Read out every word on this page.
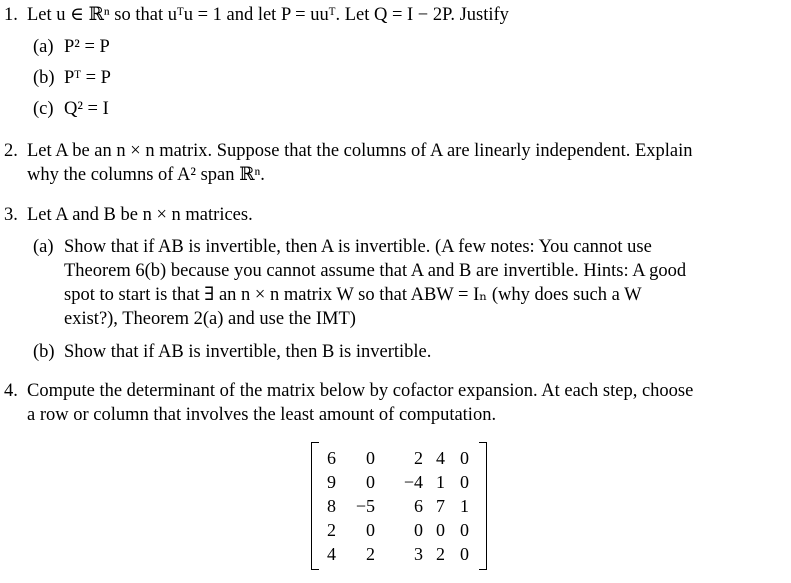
1. Let u ∈ ℝⁿ so that uᵀu = 1 and let P = uuᵀ. Let Q = I − 2P. Justify
(a) P² = P
(b) Pᵀ = P
(c) Q² = I
2. Let A be an n × n matrix. Suppose that the columns of A are linearly independent. Explain
why the columns of A² span ℝⁿ.
3. Let A and B be n × n matrices.
(a) Show that if AB is invertible, then A is invertible. (A few notes: You cannot use
Theorem 6(b) because you cannot assume that A and B are invertible. Hints: A good
spot to start is that ∃ an n × n matrix W so that ABW = Iₙ (why does such a W
exist?), Theorem 2(a) and use the IMT)
(b) Show that if AB is invertible, then B is invertible.
4. Compute the determinant of the matrix below by cofactor expansion. At each step, choose
a row or column that involves the least amount of computation.
6	0	2 4 0
9	0	−4 1 0
8	−5	6 7 1
2	0	0 0 0
4	2	3 2 0
